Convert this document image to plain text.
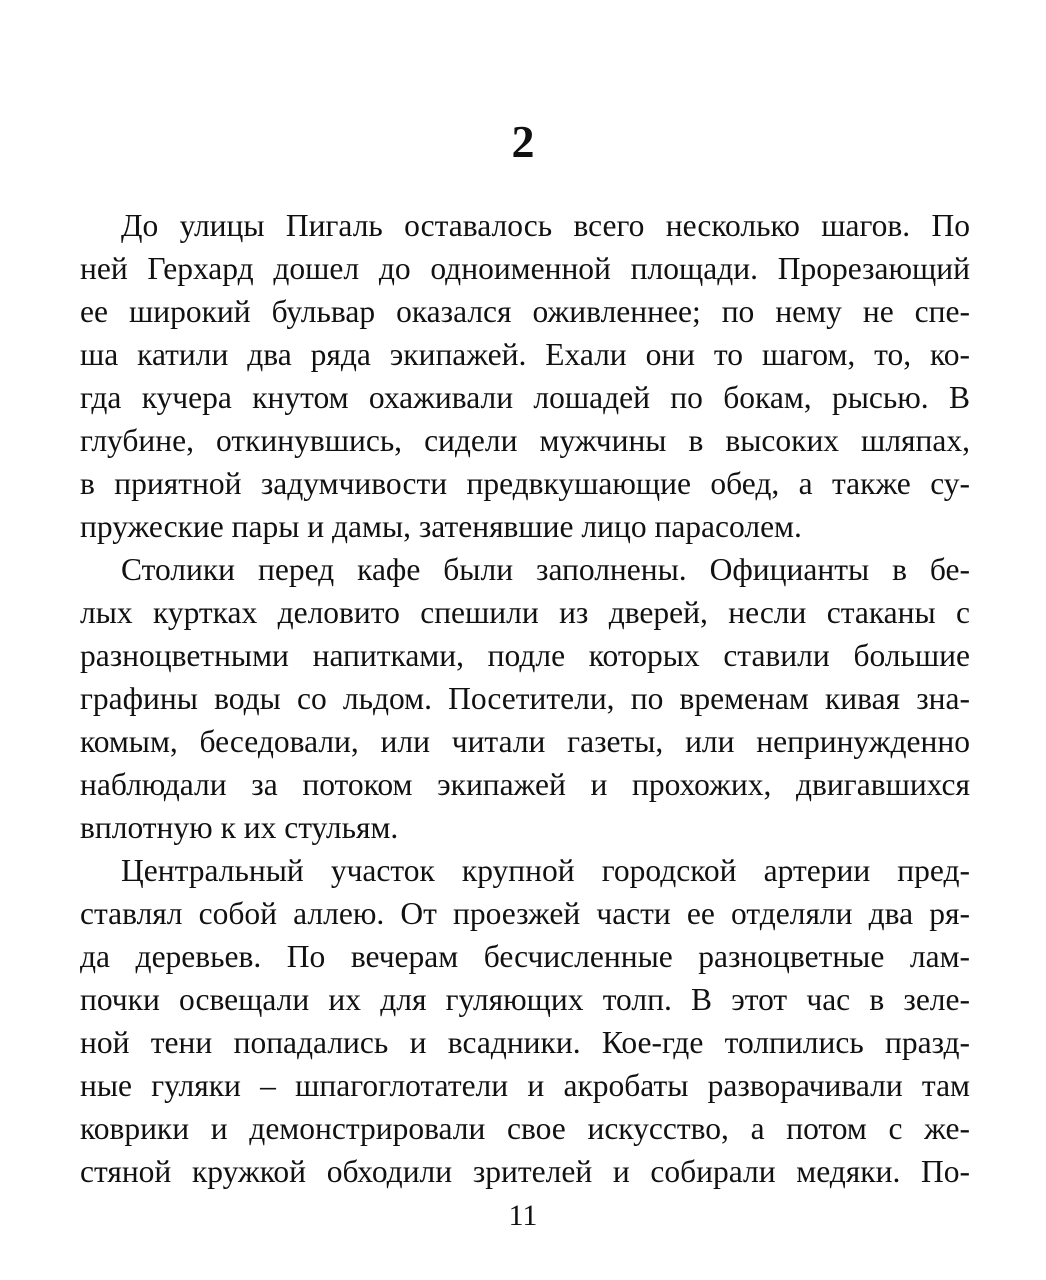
2
До улицы Пигаль оставалось всего несколько шагов. По
ней Герхард дошел до одноименной площади. Прорезающий
ее широкий бульвар оказался оживленнее; по нему не спе-
ша катили два ряда экипажей. Ехали они то шагом, то, ко-
гда кучера кнутом охаживали лошадей по бокам, рысью. В
глубине, откинувшись, сидели мужчины в высоких шляпах,
в приятной задумчивости предвкушающие обед, а также су-
пружеские пары и дамы, затенявшие лицо парасолем.
Столики перед кафе были заполнены. Официанты в бе-
лых куртках деловито спешили из дверей, несли стаканы с
разноцветными напитками, подле которых ставили большие
графины воды со льдом. Посетители, по временам кивая зна-
комым, беседовали, или читали газеты, или непринужденно
наблюдали за потоком экипажей и прохожих, двигавшихся
вплотную к их стульям.
Центральный участок крупной городской артерии пред-
ставлял собой аллею. От проезжей части ее отделяли два ря-
да деревьев. По вечерам бесчисленные разноцветные лам-
почки освещали их для гуляющих толп. В этот час в зеле-
ной тени попадались и всадники. Кое-где толпились празд-
ные гуляки – шпагоглотатели и акробаты разворачивали там
коврики и демонстрировали свое искусство, а потом с же-
стяной кружкой обходили зрителей и собирали медяки. По-
11
